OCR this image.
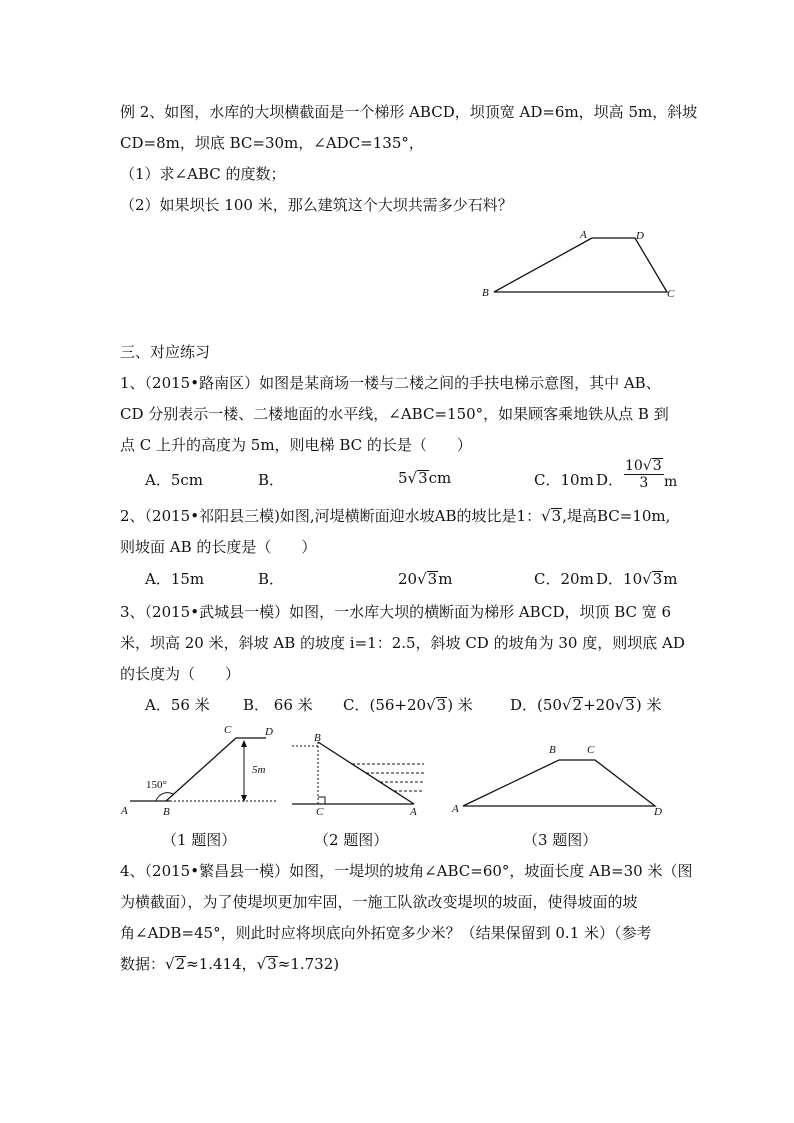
例 2、如图，水库的大坝横截面是一个梯形 ABCD，坝顶宽 AD=6m，坝高 5m，斜坡
CD=8m，坝底 BC=30m，∠ADC=135°，
（1）求∠ABC 的度数；
（2）如果坝长 100 米，那么建筑这个大坝共需多少石料？
A	D
B	C
三、对应练习
1、（2015•路南区）如图是某商场一楼与二楼之间的手扶电梯示意图，其中 AB、
CD 分别表示一楼、二楼地面的水平线，∠ABC=150°，如果顾客乘地铁从点 B 到
点 C 上升的高度为 5m，则电梯 BC 的长是（　　）
A．5cm	B．	5√3cm	C．10m D． $\frac{10√3}{3}$ m
2、（2015•祁阳县三模)如图,河堤横断面迎水坡AB的坡比是1：√3,堤高BC=10m,
则坡面 AB 的长度是（　　）
A．15m	B．	20√3m	C．20m D．10√3m
3、（2015•武城县一模）如图，一水库大坝的横断面为梯形 ABCD，坝顶 BC 宽 6
米，坝高 20 米，斜坡 AB 的坡度 i=1：2.5，斜坡 CD 的坡角为 30 度，则坝底 AD
的长度为（　　）
A．56 米 B． 66 米 C．(56+20√3) 米 D．(50√2+20√3) 米
C	D
5m
150°
A	B
（1 题图）
B
C	A
（2 题图）
B	C
A	D
（3 题图）
4、（2015•繁昌县一模）如图，一堤坝的坡角∠ABC=60°，坡面长度 AB=30 米（图
为横截面），为了使堤坝更加牢固，一施工队欲改变堤坝的坡面，使得坡面的坡
角∠ADB=45°，则此时应将坝底向外拓宽多少米？（结果保留到 0.1 米）（参考
数据：√2≈1.414，√3≈1.732)
